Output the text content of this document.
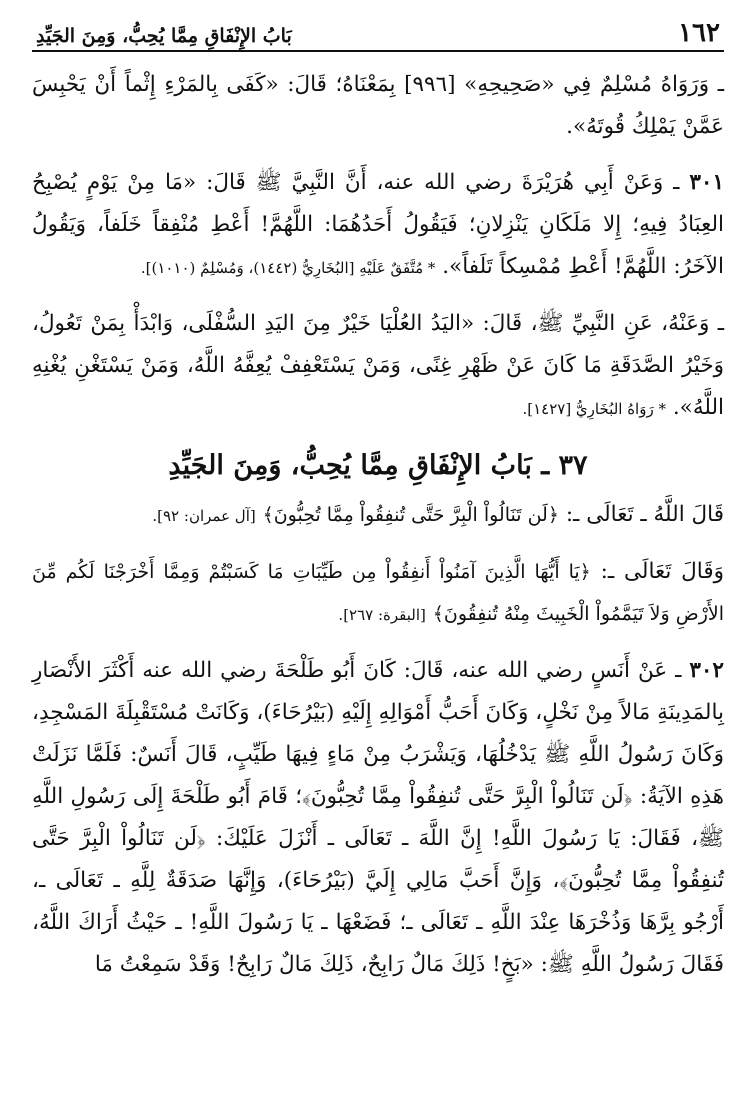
١٦٢
بَابُ الإِنْفَاقِ مِمَّا يُحِبُّ، وَمِنَ الجَيِّدِ

ـ وَرَوَاهُ مُسْلِمٌ فِي «صَحِيحِهِ» [٩٩٦] بِمَعْنَاهُ؛ قَالَ: «كَفَى بِالمَرْءِ إِثْماً أَنْ يَحْبِسَ عَمَّنْ يَمْلِكُ قُوتَهُ».

٣٠١ ـ وَعَنْ أَبِي هُرَيْرَةَ رضي الله عنه، أَنَّ النَّبِيَّ ﷺ قَالَ: «مَا مِنْ يَوْمٍ يُصْبِحُ العِبَادُ فِيهِ؛ إِلا مَلَكَانِ يَنْزِلانِ؛ فَيَقُولُ أَحَدُهُمَا: اللَّهُمَّ! أَعْطِ مُنْفِقاً خَلَفاً، وَيَقُولُ الآخَرُ: اللَّهُمَّ! أَعْطِ مُمْسِكاً تَلَفاً». * مُتَّفَقٌ عَلَيْهِ [البُخَارِيُّ (١٤٤٢)، وَمُسْلِمٌ (١٠١٠)].

ـ وَعَنْهُ، عَنِ النَّبِيِّ ﷺ، قَالَ: «اليَدُ العُلْيَا خَيْرٌ مِنَ اليَدِ السُّفْلَى، وَابْدَأْ بِمَنْ تَعُولُ، وَخَيْرُ الصَّدَقَةِ مَا كَانَ عَنْ ظَهْرِ غِنًى، وَمَنْ يَسْتَعْفِفْ يُعِفَّهُ اللَّهُ، وَمَنْ يَسْتَغْنِ يُغْنِهِ اللَّهُ». * رَوَاهُ البُخَارِيُّ [١٤٢٧].

٣٧ ـ بَابُ الإِنْفَاقِ مِمَّا يُحِبُّ، وَمِنَ الجَيِّدِ

قَالَ اللَّهُ ـ تَعَالَى ـ: ﴿لَن تَنَالُواْ الْبِرَّ حَتَّى تُنفِقُواْ مِمَّا تُحِبُّونَ﴾ [آل عمران: ٩٢].

وَقَالَ تَعَالَى ـ: ﴿يَا أَيُّهَا الَّذِينَ آمَنُواْ أَنفِقُواْ مِن طَيِّبَاتِ مَا كَسَبْتُمْ وَمِمَّا أَخْرَجْنَا لَكُم مِّنَ الأَرْضِ وَلاَ تَيَمَّمُواْ الْخَبِيثَ مِنْهُ تُنفِقُونَ﴾ [البقرة: ٢٦٧].

٣٠٢ ـ عَنْ أَنَسٍ رضي الله عنه، قَالَ: كَانَ أَبُو طَلْحَةَ رضي الله عنه أَكْثَرَ الأَنْصَارِ بِالمَدِينَةِ مَالاً مِنْ نَخْلٍ، وَكَانَ أَحَبُّ أَمْوَالِهِ إِلَيْهِ (بَيْرُحَاءَ)، وَكَانَتْ مُسْتَقْبِلَةَ المَسْجِدِ، وَكَانَ رَسُولُ اللَّهِ ﷺ يَدْخُلُهَا، وَيَشْرَبُ مِنْ مَاءٍ فِيهَا طَيِّبٍ، قَالَ أَنَسٌ: فَلَمَّا نَزَلَتْ هَذِهِ الآيَةُ: ﴿لَن تَنَالُواْ الْبِرَّ حَتَّى تُنفِقُواْ مِمَّا تُحِبُّونَ﴾؛ قَامَ أَبُو طَلْحَةَ إِلَى رَسُولِ اللَّهِ ﷺ، فَقَالَ: يَا رَسُولَ اللَّهِ! إِنَّ اللَّهَ ـ تَعَالَى ـ أَنْزَلَ عَلَيْكَ: ﴿لَن تَنَالُواْ الْبِرَّ حَتَّى تُنفِقُواْ مِمَّا تُحِبُّونَ﴾، وَإِنَّ أَحَبَّ مَالِي إِلَيَّ (بَيْرُحَاءَ)، وَإِنَّهَا صَدَقَةٌ لِلَّهِ ـ تَعَالَى ـ، أَرْجُو بِرَّهَا وَذُخْرَهَا عِنْدَ اللَّهِ ـ تَعَالَى ـ؛ فَضَعْهَا ـ يَا رَسُولَ اللَّهِ! ـ حَيْثُ أَرَاكَ اللَّهُ، فَقَالَ رَسُولُ اللَّهِ ﷺ: «بَخٍ! ذَلِكَ مَالٌ رَابِحٌ، ذَلِكَ مَالٌ رَابِحٌ! وَقَدْ سَمِعْتُ مَا
